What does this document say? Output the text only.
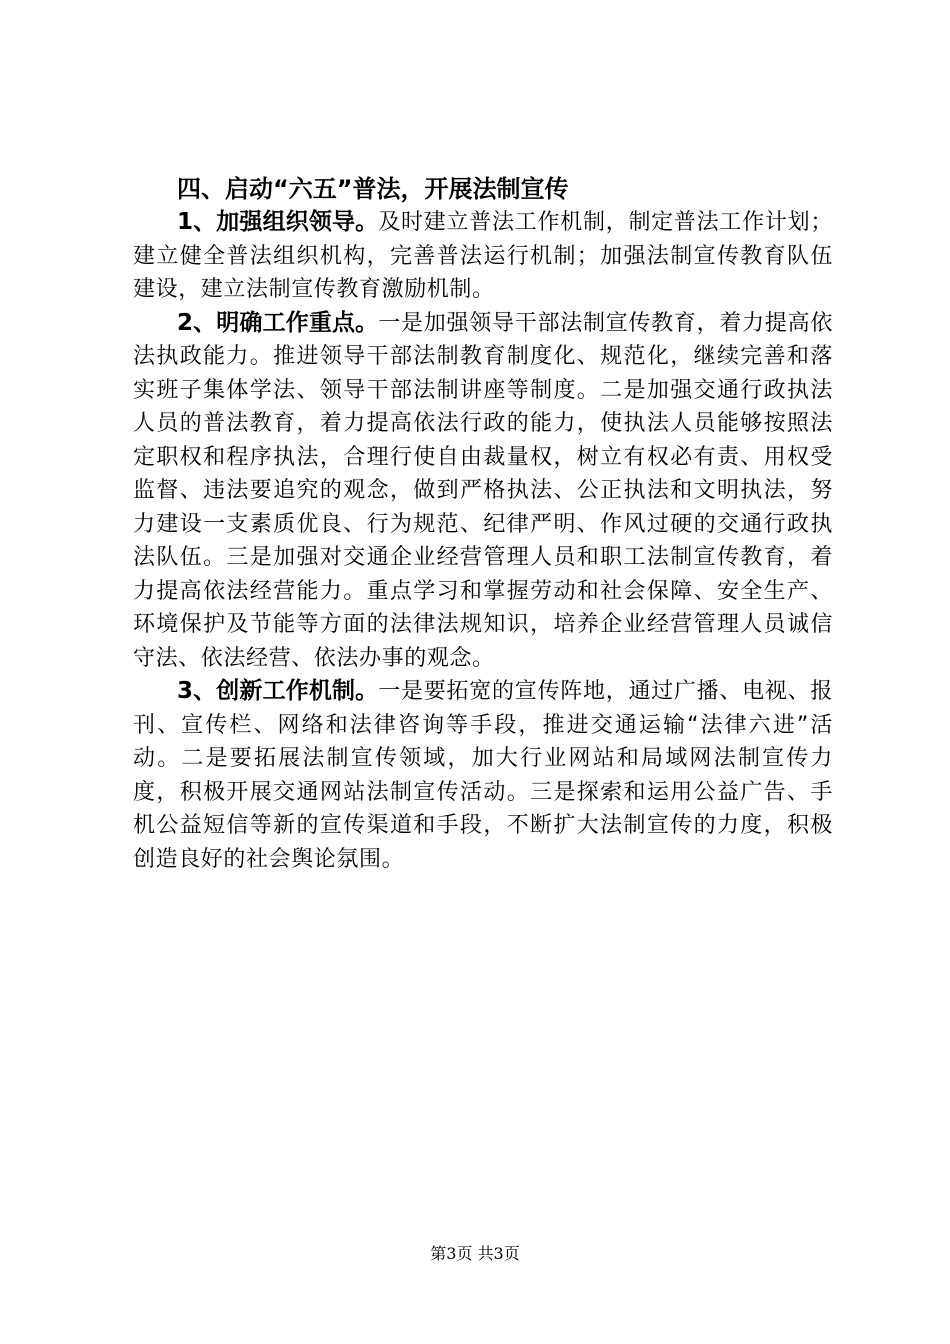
四、启动“六五”普法，开展法制宣传

1、加强组织领导。及时建立普法工作机制，制定普法工作计划；建立健全普法组织机构，完善普法运行机制；加强法制宣传教育队伍建设，建立法制宣传教育激励机制。

2、明确工作重点。一是加强领导干部法制宣传教育，着力提高依法执政能力。推进领导干部法制教育制度化、规范化，继续完善和落实班子集体学法、领导干部法制讲座等制度。二是加强交通行政执法人员的普法教育，着力提高依法行政的能力，使执法人员能够按照法定职权和程序执法，合理行使自由裁量权，树立有权必有责、用权受监督、违法要追究的观念，做到严格执法、公正执法和文明执法，努力建设一支素质优良、行为规范、纪律严明、作风过硬的交通行政执法队伍。三是加强对交通企业经营管理人员和职工法制宣传教育，着力提高依法经营能力。重点学习和掌握劳动和社会保障、安全生产、环境保护及节能等方面的法律法规知识，培养企业经营管理人员诚信守法、依法经营、依法办事的观念。

3、创新工作机制。一是要拓宽的宣传阵地，通过广播、电视、报刊、宣传栏、网络和法律咨询等手段，推进交通运输“法律六进”活动。二是要拓展法制宣传领域，加大行业网站和局域网法制宣传力度，积极开展交通网站法制宣传活动。三是探索和运用公益广告、手机公益短信等新的宣传渠道和手段，不断扩大法制宣传的力度，积极创造良好的社会舆论氛围。

第3页 共3页
